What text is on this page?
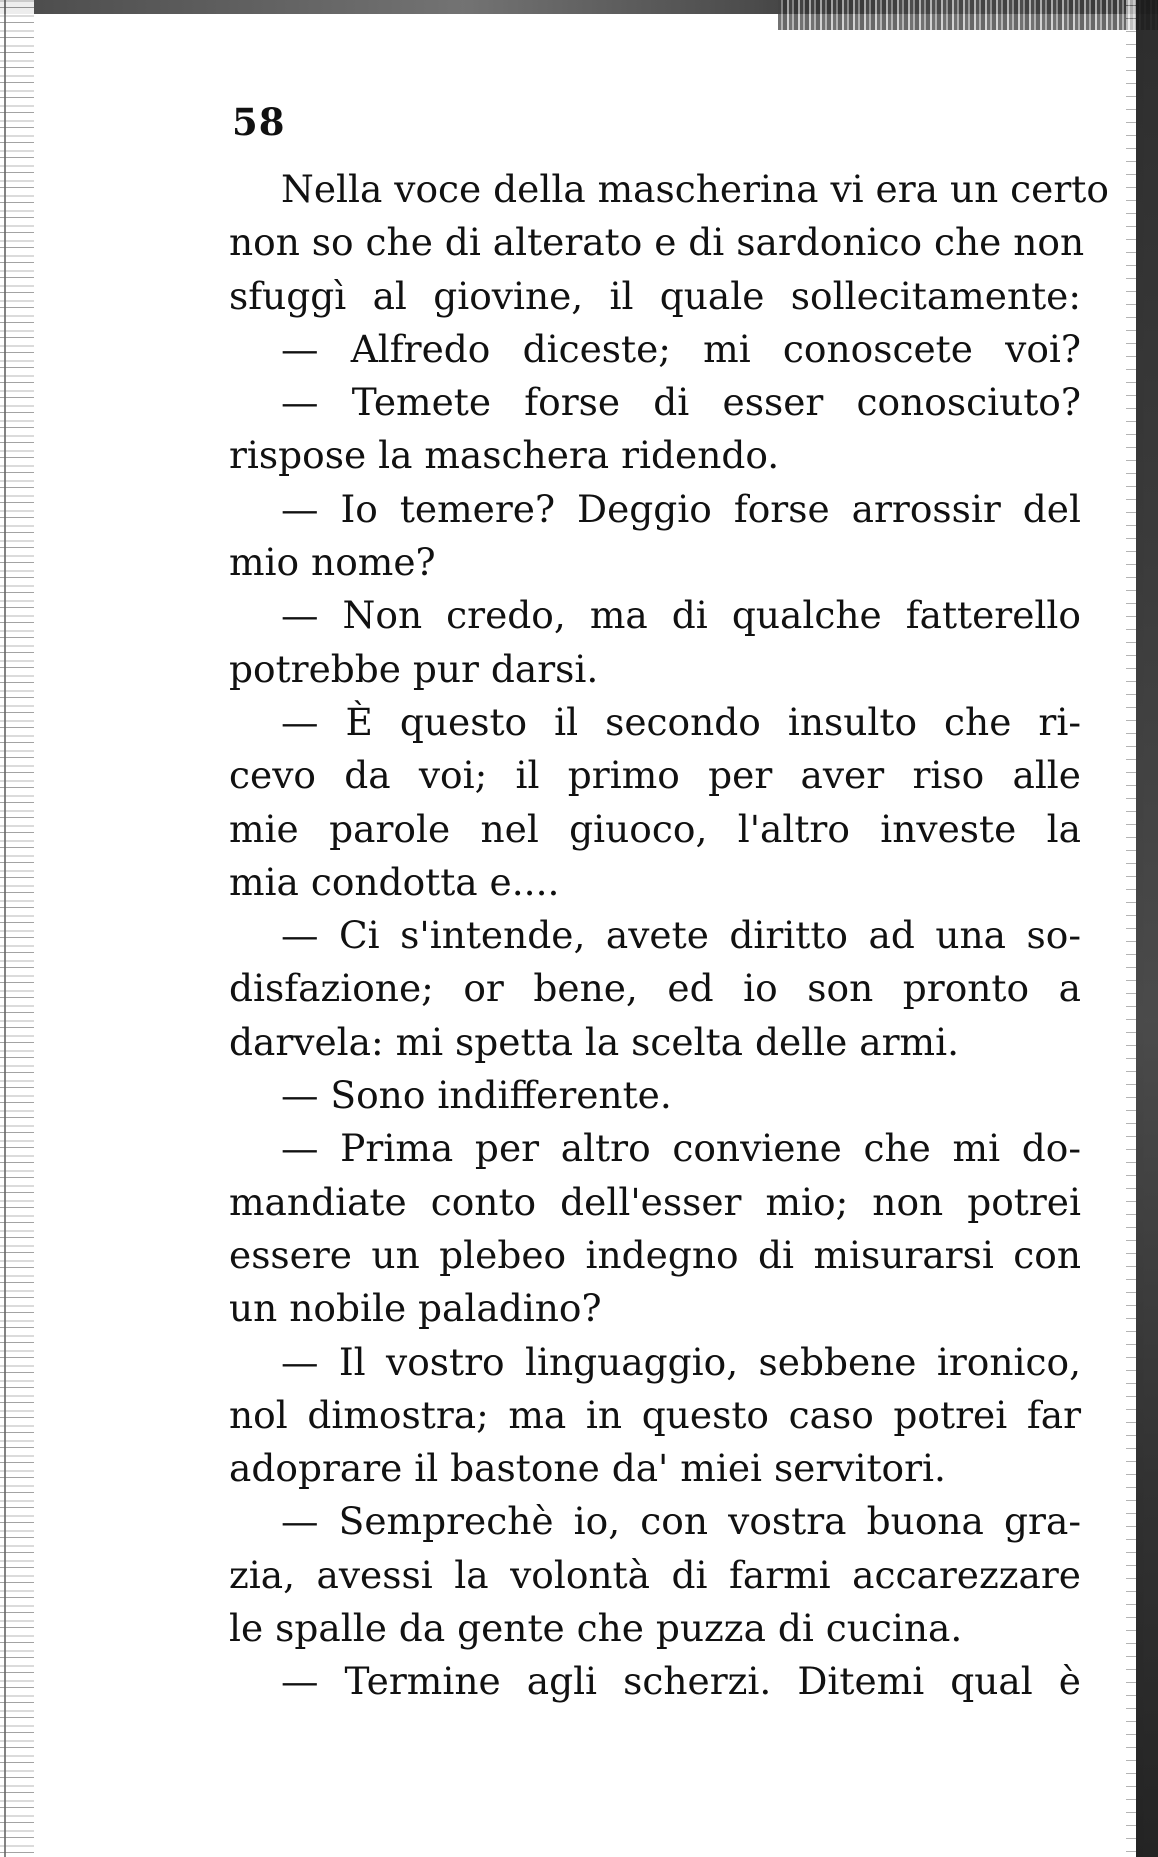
58
Nella voce della masсherina vi era un certo
non so che di alterato e di sardonico che non
sfuggì al giovine, il quale sollecitamente:
— Alfredo diceste; mi conoscete voi?
— Temete forse di esser conosciuto?
rispose la maschera ridendo.
— Io temere? Deggio forse arrossir del
mio nome?
— Non credo, ma di qualche fatterello
potrebbe pur darsi.
— È questo il secondo insulto che ri-
cevo da voi; il primo per aver riso alle
mie parole nel giuoco, l'altro investe la
mia condotta e....
— Ci s'intende, avete diritto ad una so-
disfazione; or bene, ed io son pronto a
darvela: mi spetta la scelta delle armi.
— Sono indifferente.
— Prima per altro conviene che mi do-
mandiate conto dell'esser mio; non potrei
essere un plebeo indegno di misurarsi con
un nobile paladino?
— Il vostro linguaggio, sebbene ironico,
nol dimostra; ma in questo caso potrei far
adoprare il bastone da' miei servitori.
— Semprechè io, con vostra buona gra-
zia, avessi la volontà di farmi accarezzare
le spalle da gente che puzza di cucina.
— Termine agli scherzi. Ditemi qual è
